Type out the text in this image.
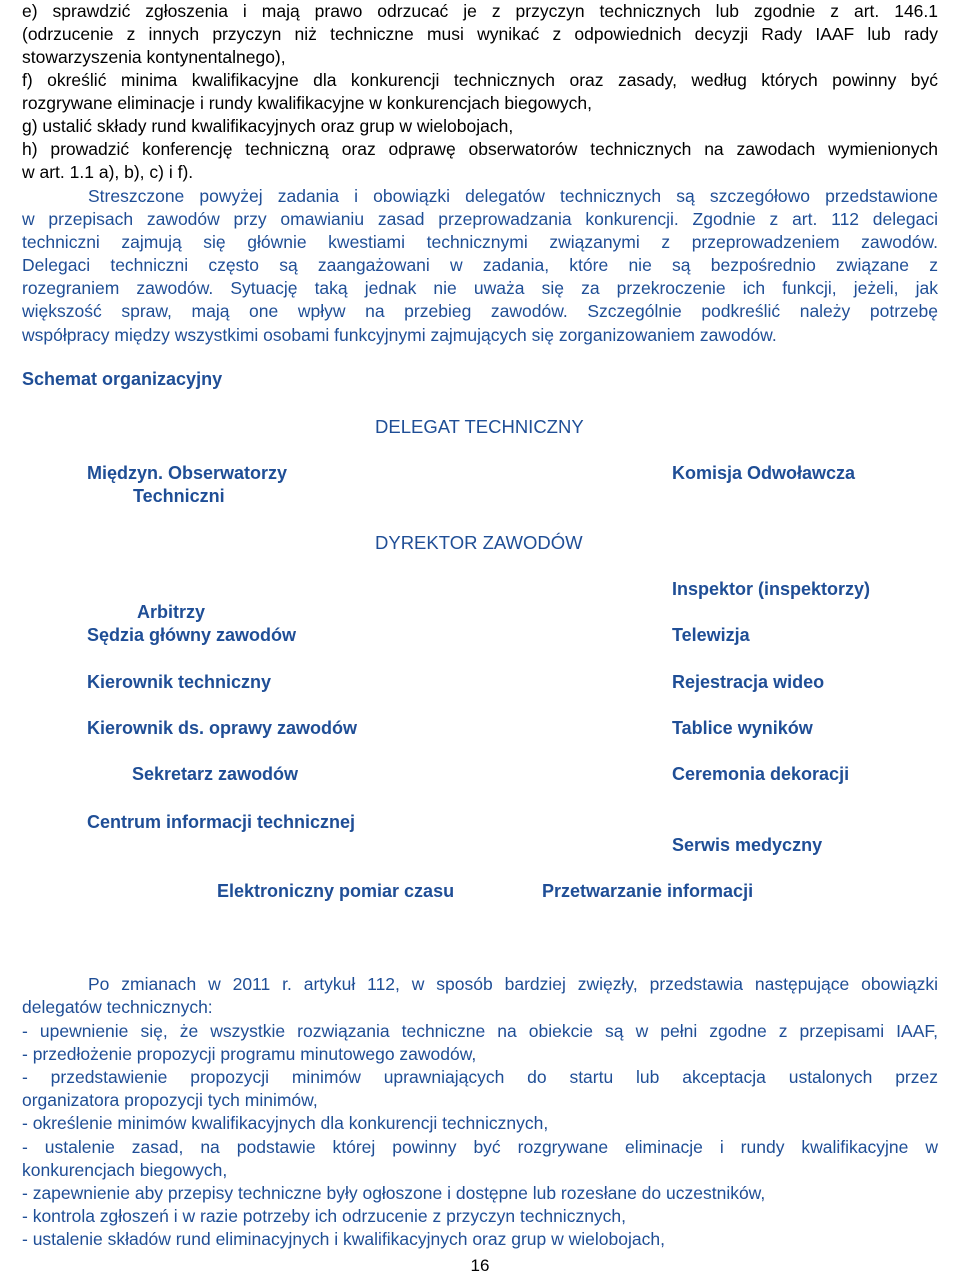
e) sprawdzić zgłoszenia i mają prawo odrzucać je z przyczyn technicznych lub zgodnie z art. 146.1
(odrzucenie z innych przyczyn niż techniczne musi wynikać z odpowiednich decyzji Rady IAAF lub rady
stowarzyszenia kontynentalnego),
f) określić minima kwalifikacyjne dla konkurencji technicznych oraz zasady, według których powinny być
rozgrywane eliminacje i rundy kwalifikacyjne w konkurencjach biegowych,
g) ustalić składy rund kwalifikacyjnych oraz grup w wielobojach,
h) prowadzić konferencję techniczną oraz odprawę obserwatorów technicznych na zawodach wymienionych
w art. 1.1 a), b), c) i f).
Streszczone powyżej zadania i obowiązki delegatów technicznych są szczegółowo przedstawione
w przepisach zawodów przy omawianiu zasad przeprowadzania konkurencji. Zgodnie z art. 112 delegaci
techniczni zajmują się głównie kwestiami technicznymi związanymi z przeprowadzeniem zawodów.
Delegaci techniczni często są zaangażowani w zadania, które nie są bezpośrednio związane z
rozegraniem zawodów. Sytuację taką jednak nie uważa się za przekroczenie ich funkcji, jeżeli, jak
większość spraw, mają one wpływ na przebieg zawodów. Szczególnie podkreślić należy potrzebę
współpracy między wszystkimi osobami funkcyjnymi zajmujących się zorganizowaniem zawodów.
Schemat organizacyjny
DELEGAT TECHNICZNY
Międzyn. Obserwatorzy
Techniczni
Komisja Odwoławcza
DYREKTOR ZAWODÓW
Inspektor (inspektorzy)
Arbitrzy
Sędzia główny zawodów	Telewizja
Kierownik techniczny	Rejestracja wideo
Kierownik ds. oprawy zawodów	Tablice wyników
Sekretarz zawodów	Ceremonia dekoracji
Centrum informacji technicznej
Serwis medyczny
Elektroniczny pomiar czasu	Przetwarzanie informacji
Po zmianach w 2011 r. artykuł 112, w sposób bardziej zwięzły, przedstawia następujące obowiązki
delegatów technicznych:
- upewnienie się, że wszystkie rozwiązania techniczne na obiekcie są w pełni zgodne z przepisami IAAF,
- przedłożenie propozycji programu minutowego zawodów,
- przedstawienie propozycji minimów uprawniających do startu lub akceptacja ustalonych przez
organizatora propozycji tych minimów,
- określenie minimów kwalifikacyjnych dla konkurencji technicznych,
- ustalenie zasad, na podstawie której powinny być rozgrywane eliminacje i rundy kwalifikacyjne w
konkurencjach biegowych,
- zapewnienie aby przepisy techniczne były ogłoszone i dostępne lub rozesłane do uczestników,
- kontrola zgłoszeń i w razie potrzeby ich odrzucenie z przyczyn technicznych,
- ustalenie składów rund eliminacyjnych i kwalifikacyjnych oraz grup w wielobojach,
16
